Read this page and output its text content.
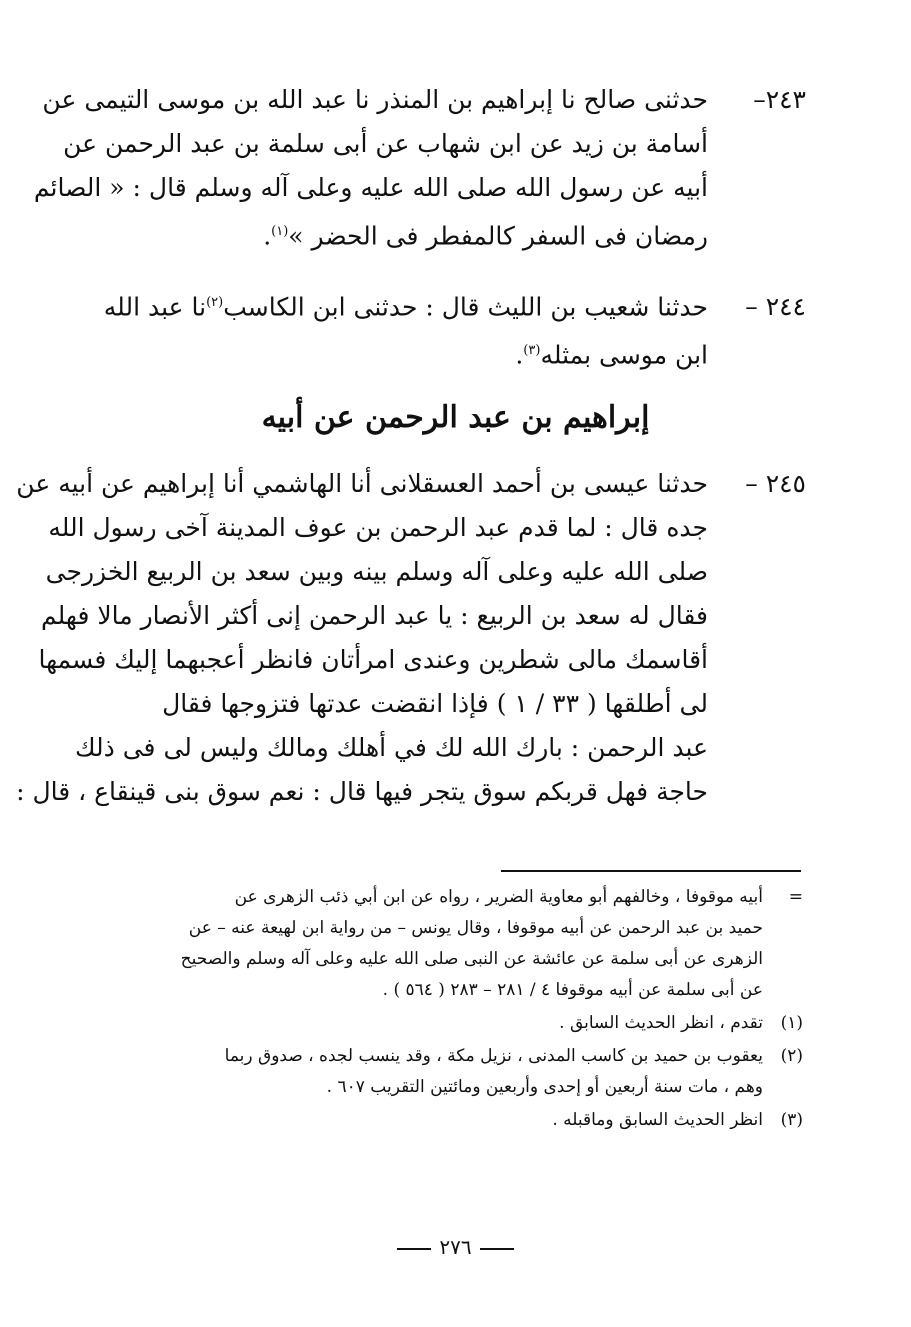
٢٤٣–حدثنى صالح نا إبراهيم بن المنذر نا عبد الله بن موسى التيمى عن

أسامة بن زيد عن ابن شهاب عن أبى سلمة بن عبد الرحمن عن

أبيه عن رسول الله صلى الله عليه وعلى آله وسلم قال : « الصائم

رمضان فى السفر كالمفطر فى الحضر »$^{(١)}$.

٢٤٤ –حدثنا شعيب بن الليث قال : حدثنى ابن الكاسب$^{(٢)}$نا عبد الله

ابن موسى بمثله$^{(٣)}$.

إبراهيم بن عبد الرحمن عن أبيه

٢٤٥ –حدثنا عيسى بن أحمد العسقلانى أنا الهاشمي أنا إبراهيم عن أبيه عن

جده قال : لما قدم عبد الرحمن بن عوف المدينة آخى رسول الله

صلى الله عليه وعلى آله وسلم بينه وبين سعد بن الربيع الخزرجى

فقال له سعد بن الربيع : يا عبد الرحمن إنى أكثر الأنصار مالا فهلم

أقاسمك مالى شطرين وعندى امرأتان فانظر أعجبهما إليك فسمها

لى أطلقها ( ٣٣ / ١ ) فإذا انقضت عدتها فتزوجها فقال

عبد الرحمن : بارك الله لك في أهلك ومالك وليس لى فى ذلك

حاجة فهل قربكم سوق يتجر فيها قال : نعم سوق بنى قينقاع ، قال :

=

أبيه موقوفا ، وخالفهم أبو معاوية الضرير ، رواه عن ابن أبي ذئب الزهرى عن

حميد بن عبد الرحمن عن أبيه موقوفا ، وقال يونس – من رواية ابن لهيعة عنه – عن

الزهرى عن أبى سلمة عن عائشة عن النبى صلى الله عليه وعلى آله وسلم والصحيح

عن أبى سلمة عن أبيه موقوفا ٤ / ٢٨١ – ٢٨٣ ( ٥٦٤ ) .

(١)

تقدم ، انظر الحديث السابق .

(٢)

يعقوب بن حميد بن كاسب المدنى ، نزيل مكة ، وقد ينسب لجده ، صدوق ربما

وهم ، مات سنة أربعين أو إحدى وأربعين ومائتين التقريب ٦٠٧ .

(٣)

انظر الحديث السابق وماقبله .

٢٧٦
